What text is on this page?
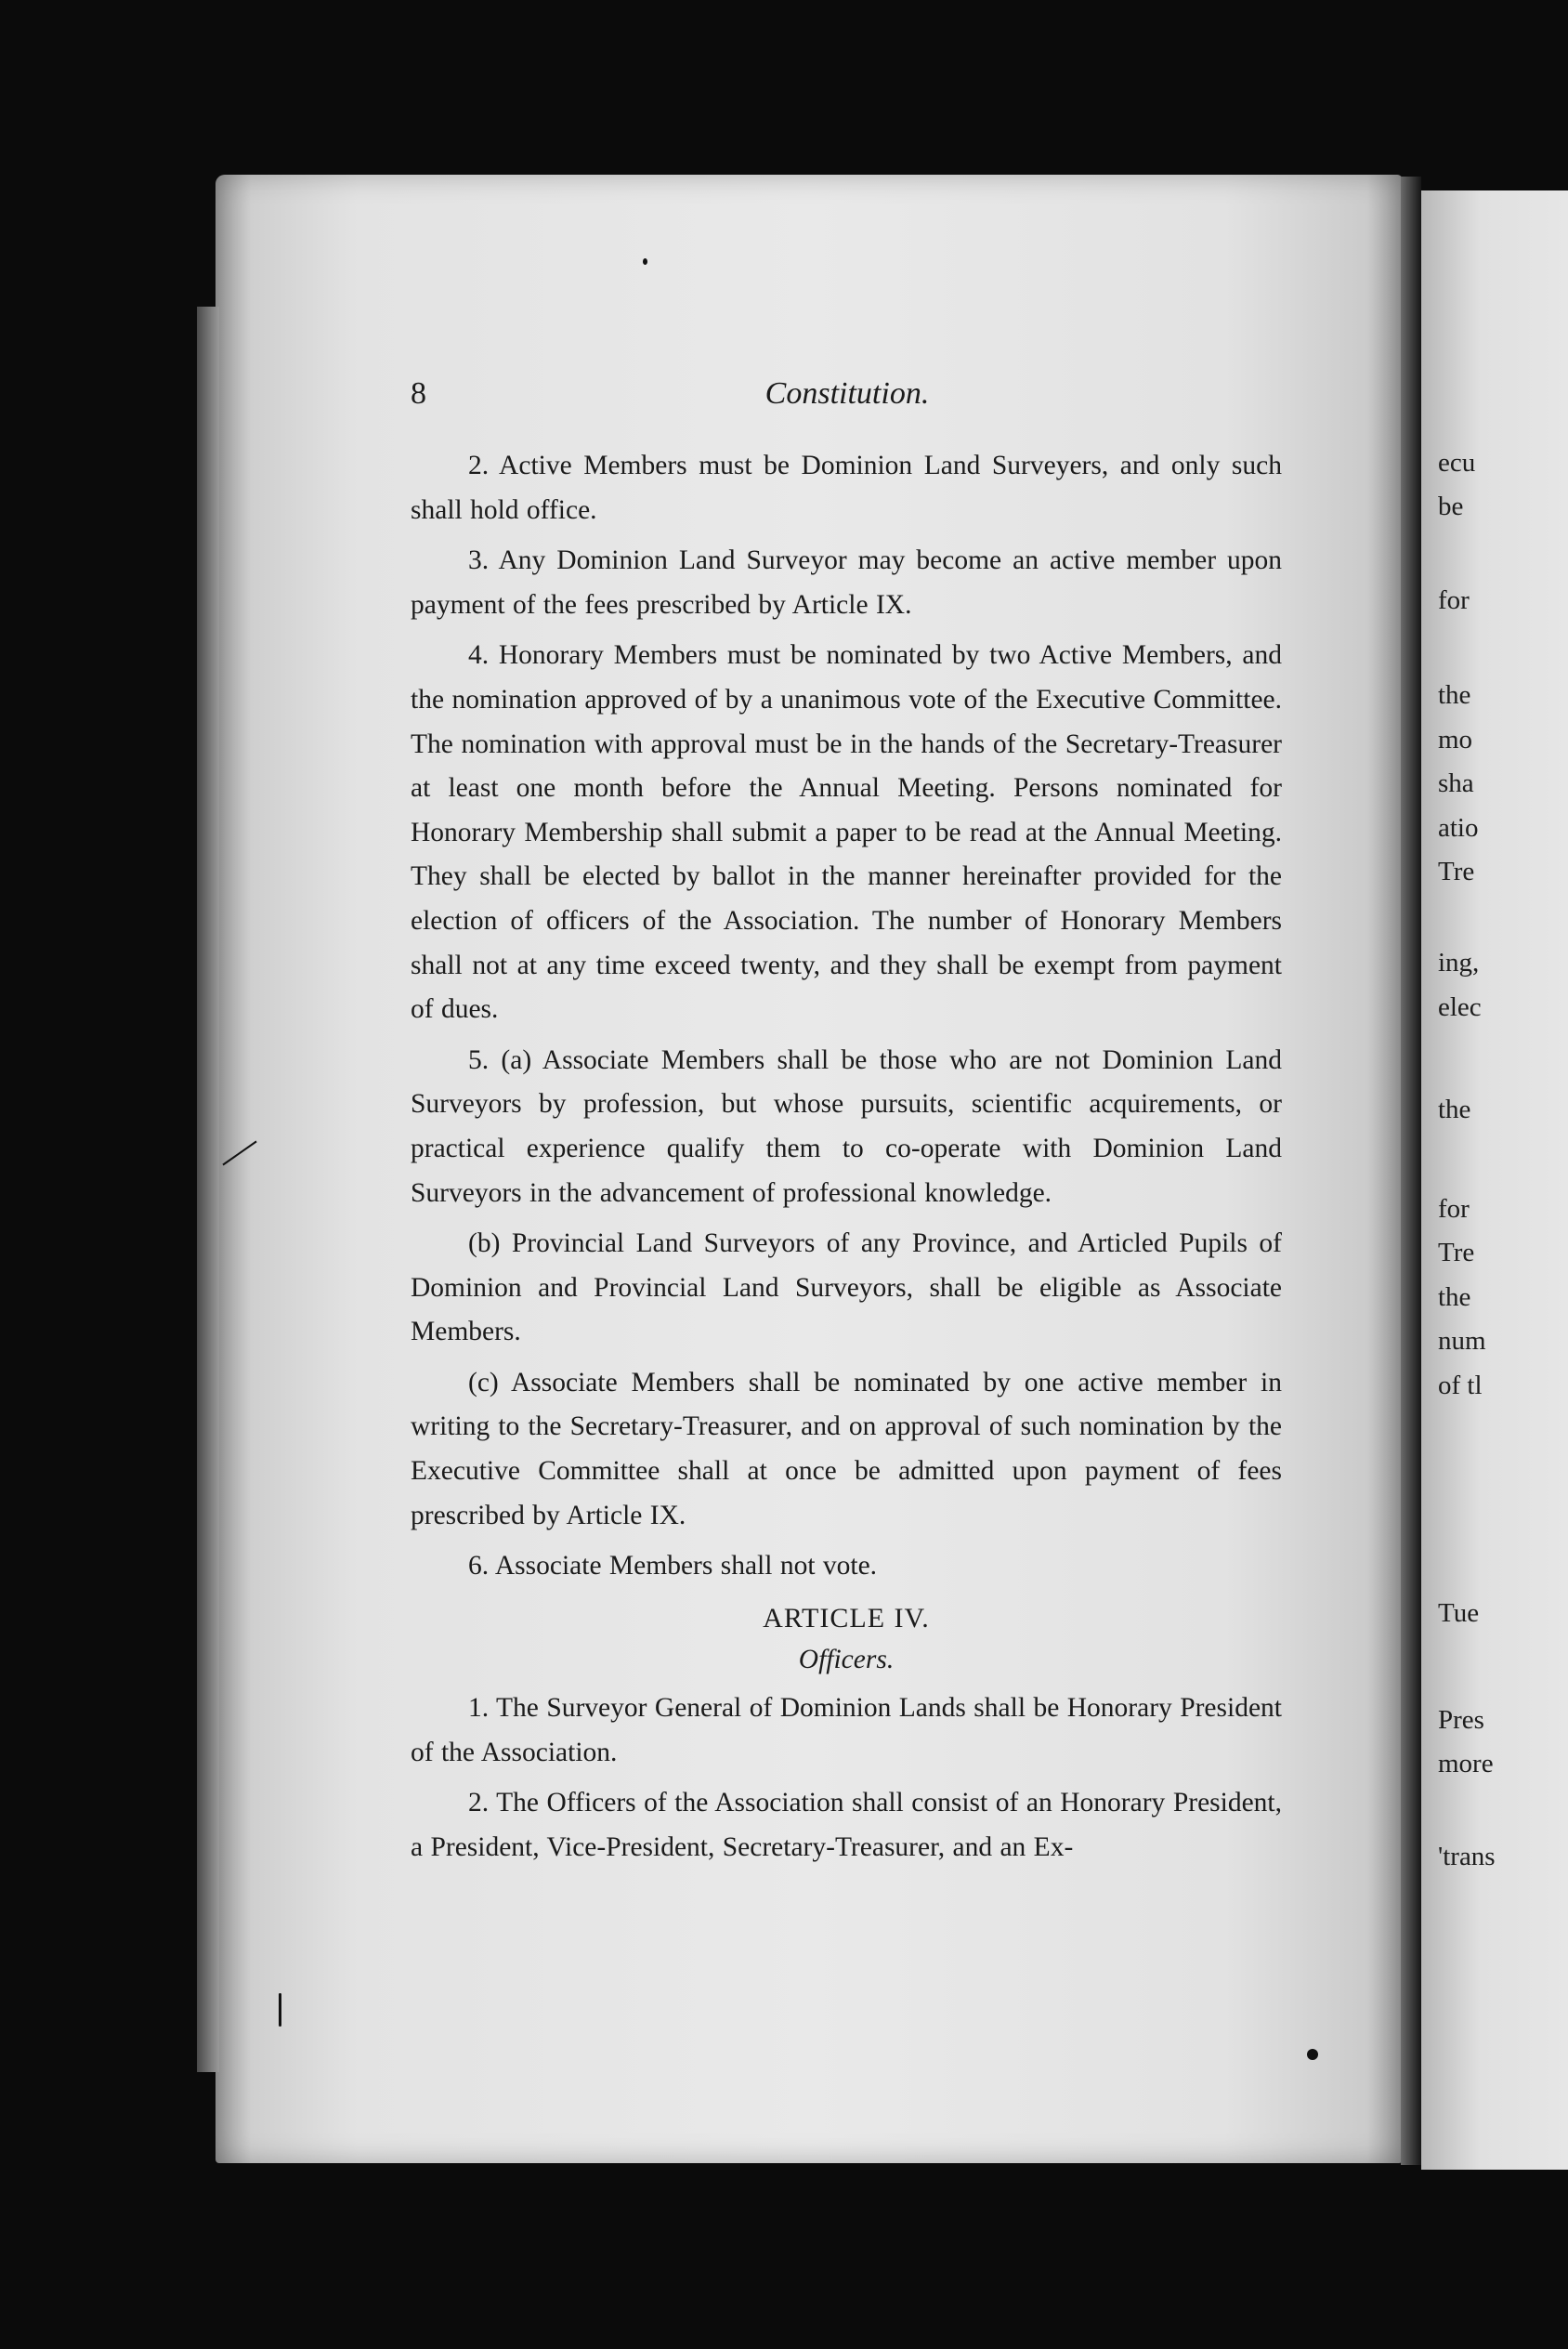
ecu
be
for
the
mo
sha
atio
Tre
ing,
elec
the
for
Tre
the
num
of tl
Tue
Pres
more
'trans
8	Constitution.

2. Active Members must be Dominion Land Surveyers, and only such shall hold office.

3. Any Dominion Land Surveyor may become an active member upon payment of the fees prescribed by Article IX.

4. Honorary Members must be nominated by two Active Members, and the nomination approved of by a unanimous vote of the Executive Committee. The nomination with approval must be in the hands of the Secretary-Treasurer at least one month before the Annual Meeting. Persons nominated for Honorary Membership shall submit a paper to be read at the Annual Meeting. They shall be elected by ballot in the manner hereinafter provided for the election of officers of the Association. The number of Honorary Members shall not at any time exceed twenty, and they shall be exempt from payment of dues.

5. (a) Associate Members shall be those who are not Dominion Land Surveyors by profession, but whose pursuits, scientific acquirements, or practical experience qualify them to co-operate with Dominion Land Surveyors in the advancement of professional knowledge.

(b) Provincial Land Surveyors of any Province, and Articled Pupils of Dominion and Provincial Land Surveyors, shall be eligible as Associate Members.

(c) Associate Members shall be nominated by one active member in writing to the Secretary-Treasurer, and on approval of such nomination by the Executive Committee shall at once be admitted upon payment of fees prescribed by Article IX.

6. Associate Members shall not vote.

ARTICLE IV.

Officers.

1. The Surveyor General of Dominion Lands shall be Honorary President of the Association.

2. The Officers of the Association shall consist of an Honorary President, a President, Vice-President, Secretary-Treasurer, and an Ex-
